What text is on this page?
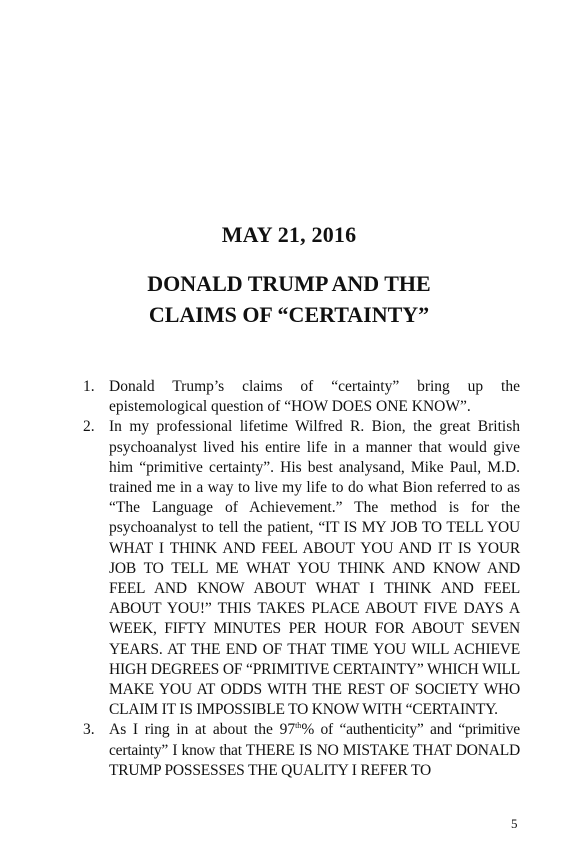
MAY 21, 2016
DONALD TRUMP AND THE
CLAIMS OF “CERTAINTY”
1. Donald Trump’s claims of “certainty” bring up the epistemological question of “HOW DOES ONE KNOW”.
2. In my professional lifetime Wilfred R. Bion, the great British psychoanalyst lived his entire life in a manner that would give him “primitive certainty”. His best analysand, Mike Paul, M.D. trained me in a way to live my life to do what Bion referred to as “The Language of Achievement.” The method is for the psychoanalyst to tell the patient, “IT IS MY JOB TO TELL YOU WHAT I THINK AND FEEL ABOUT YOU AND IT IS YOUR JOB TO TELL ME WHAT YOU THINK AND KNOW AND FEEL AND KNOW ABOUT WHAT I THINK AND FEEL ABOUT YOU!” THIS TAKES PLACE ABOUT FIVE DAYS A WEEK, FIFTY MINUTES PER HOUR FOR ABOUT SEVEN YEARS. AT THE END OF THAT TIME YOU WILL ACHIEVE HIGH DEGREES OF “PRIMITIVE CERTAINTY” WHICH WILL MAKE YOU AT ODDS WITH THE REST OF SOCIETY WHO CLAIM IT IS IMPOSSIBLE TO KNOW WITH “CERTAINTY.
3. As I ring in at about the 97th% of “authenticity” and “primitive certainty” I know that THERE IS NO MISTAKE THAT DONALD TRUMP POSSESSES THE QUALITY I REFER TO
5
